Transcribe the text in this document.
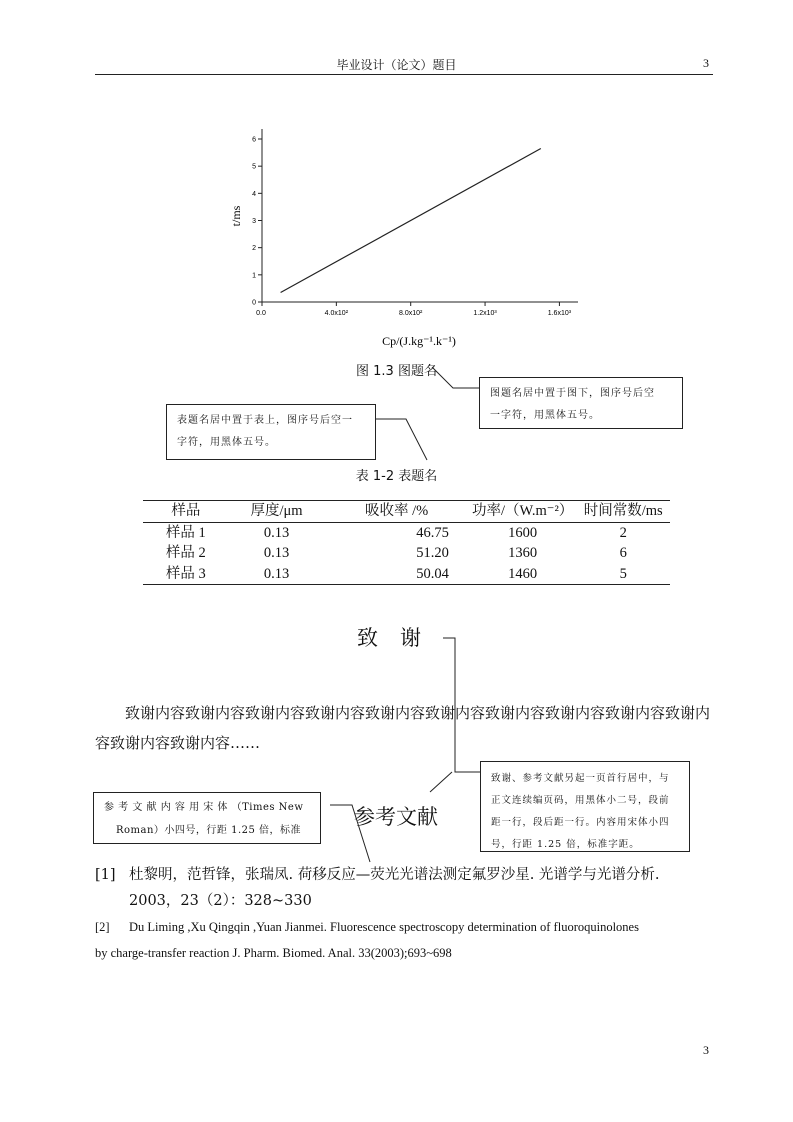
毕业设计（论文）题目	3
0
1
2
3
4
5
6
0.0	4.0x10²	8.0x10²	1.2x10³	1.6x10³
Cp/(J.kg⁻¹.k⁻¹)
t/ms
图 1.3 图题名
图题名居中置于图下，图序号后空
一字符，用黑体五号。
表题名居中置于表上，图序号后空一
字符，用黑体五号。
表 1-2 表题名
样品	厚度/μm	吸收率 /%	功率/（W.m⁻²）	时间常数/ms
样品 1	0.13	46.75	1600	2
样品 2	0.13	51.20	1360	6
样品 3	0.13	50.04	1460	5
致谢
致谢内容致谢内容致谢内容致谢内容致谢内容致谢内容致谢内容致谢内容致谢内容致谢内容致谢内容致谢内容……
致谢、参考文献另起一页首行居中，与
正文连续编页码，用黑体小二号，段前
距一行，段后距一行。内容用宋体小四
号，行距 1.25 倍，标准字距。
参 考 文 献 内 容 用 宋 体 （Times New
Roman）小四号，行距 1.25 倍，标准
参考文献
[1] 杜黎明，范哲锋，张瑞凤. 荷移反应—荧光光谱法测定氟罗沙星. 光谱学与光谱分析.
2003，23（2）：328~330
[2] Du Liming ,Xu Qingqin ,Yuan Jianmei. Fluorescence spectroscopy determination of fluoroquinolones
by charge-transfer reaction J. Pharm. Biomed. Anal. 33(2003);693~698
3
